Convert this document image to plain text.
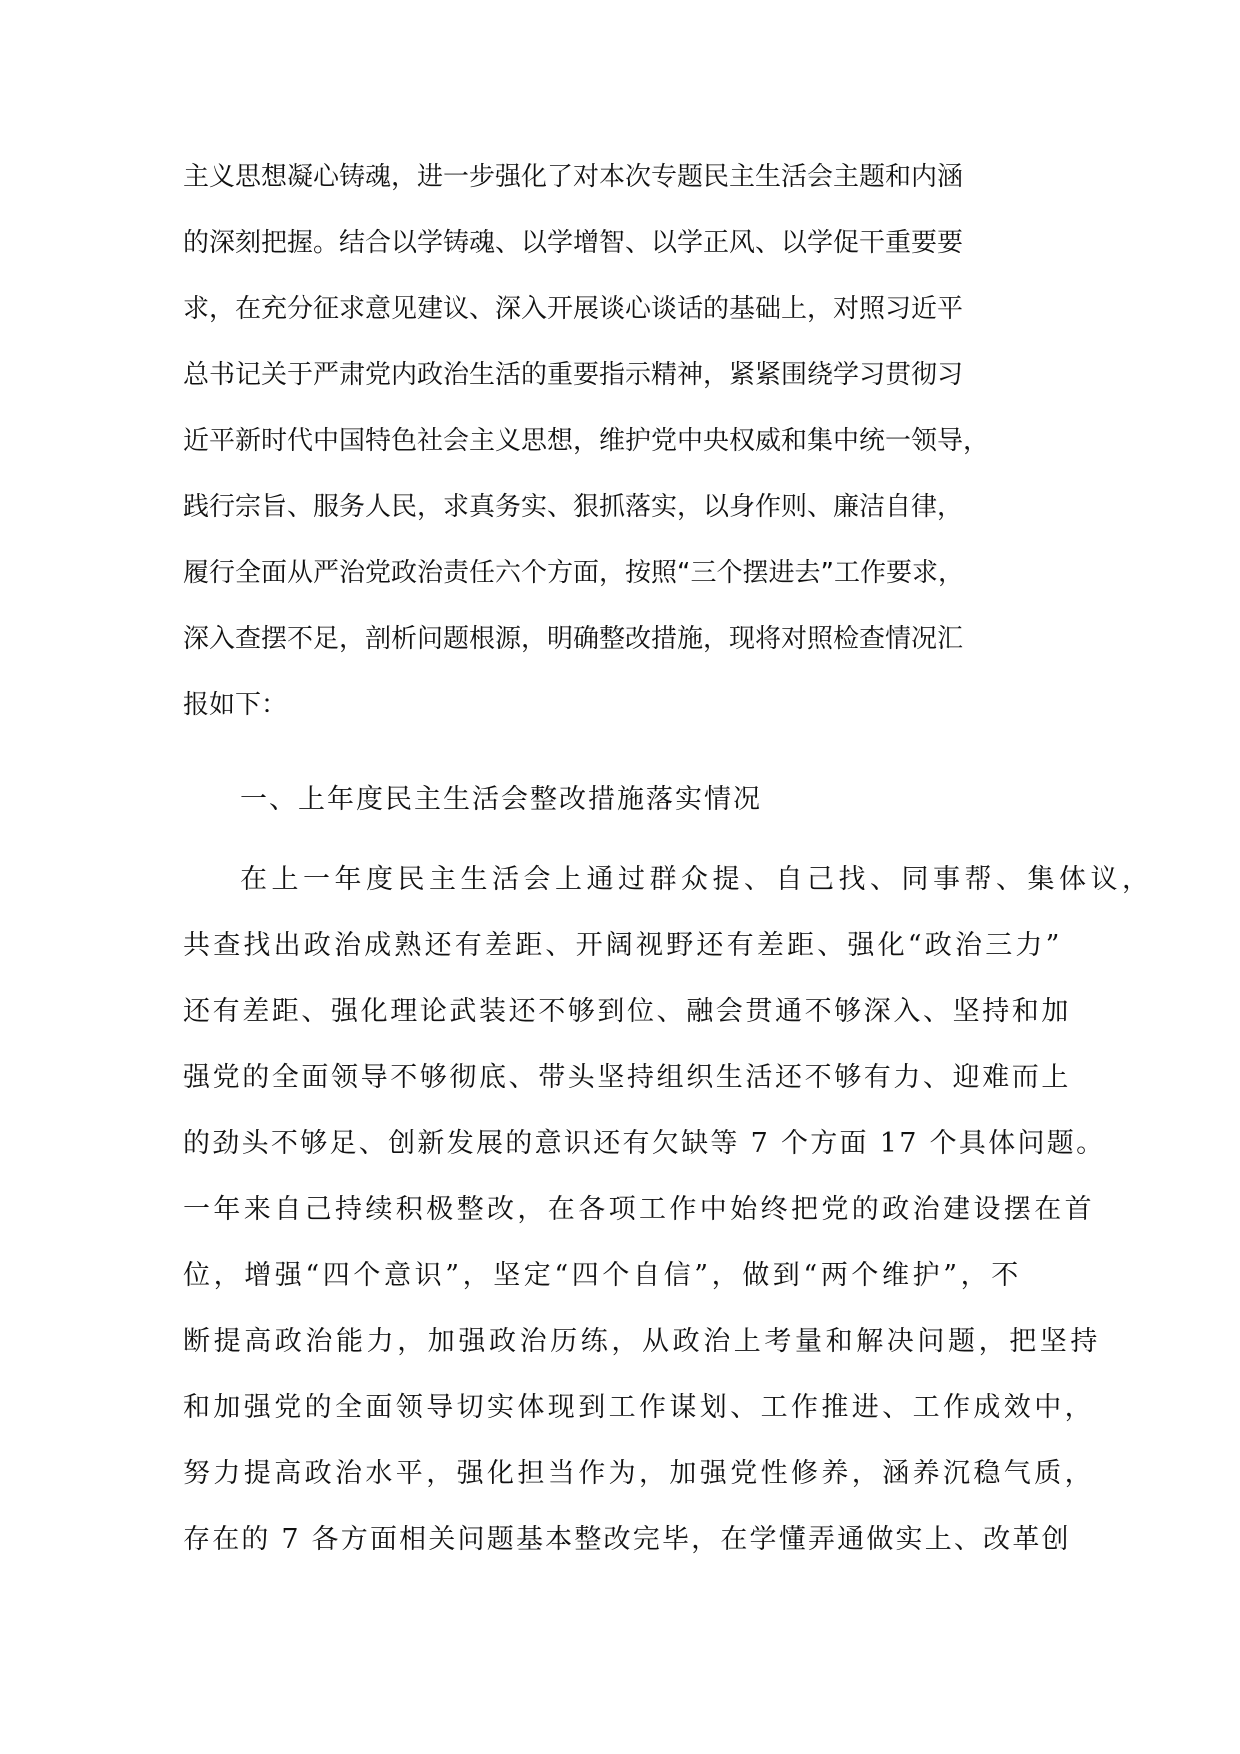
主义思想凝心铸魂，进一步强化了对本次专题民主生活会主题和内涵
的深刻把握。结合以学铸魂、以学增智、以学正风、以学促干重要要
求，在充分征求意见建议、深入开展谈心谈话的基础上，对照习近平
总书记关于严肃党内政治生活的重要指示精神，紧紧围绕学习贯彻习
近平新时代中国特色社会主义思想，维护党中央权威和集中统一领导，
践行宗旨、服务人民，求真务实、狠抓落实，以身作则、廉洁自律，
履行全面从严治党政治责任六个方面，按照“三个摆进去”工作要求，
深入查摆不足，剖析问题根源，明确整改措施，现将对照检查情况汇
报如下：
一、上年度民主生活会整改措施落实情况
在上一年度民主生活会上通过群众提、自己找、同事帮、集体议，
共查找出政治成熟还有差距、开阔视野还有差距、强化“政治三力”
还有差距、强化理论武装还不够到位、融会贯通不够深入、坚持和加
强党的全面领导不够彻底、带头坚持组织生活还不够有力、迎难而上
的劲头不够足、创新发展的意识还有欠缺等 7 个方面 17 个具体问题。
一年来自己持续积极整改，在各项工作中始终把党的政治建设摆在首
位，增强“四个意识”，坚定“四个自信”，做到“两个维护”，不
断提高政治能力，加强政治历练，从政治上考量和解决问题，把坚持
和加强党的全面领导切实体现到工作谋划、工作推进、工作成效中，
努力提高政治水平，强化担当作为，加强党性修养，涵养沉稳气质，
存在的 7 各方面相关问题基本整改完毕，在学懂弄通做实上、改革创
